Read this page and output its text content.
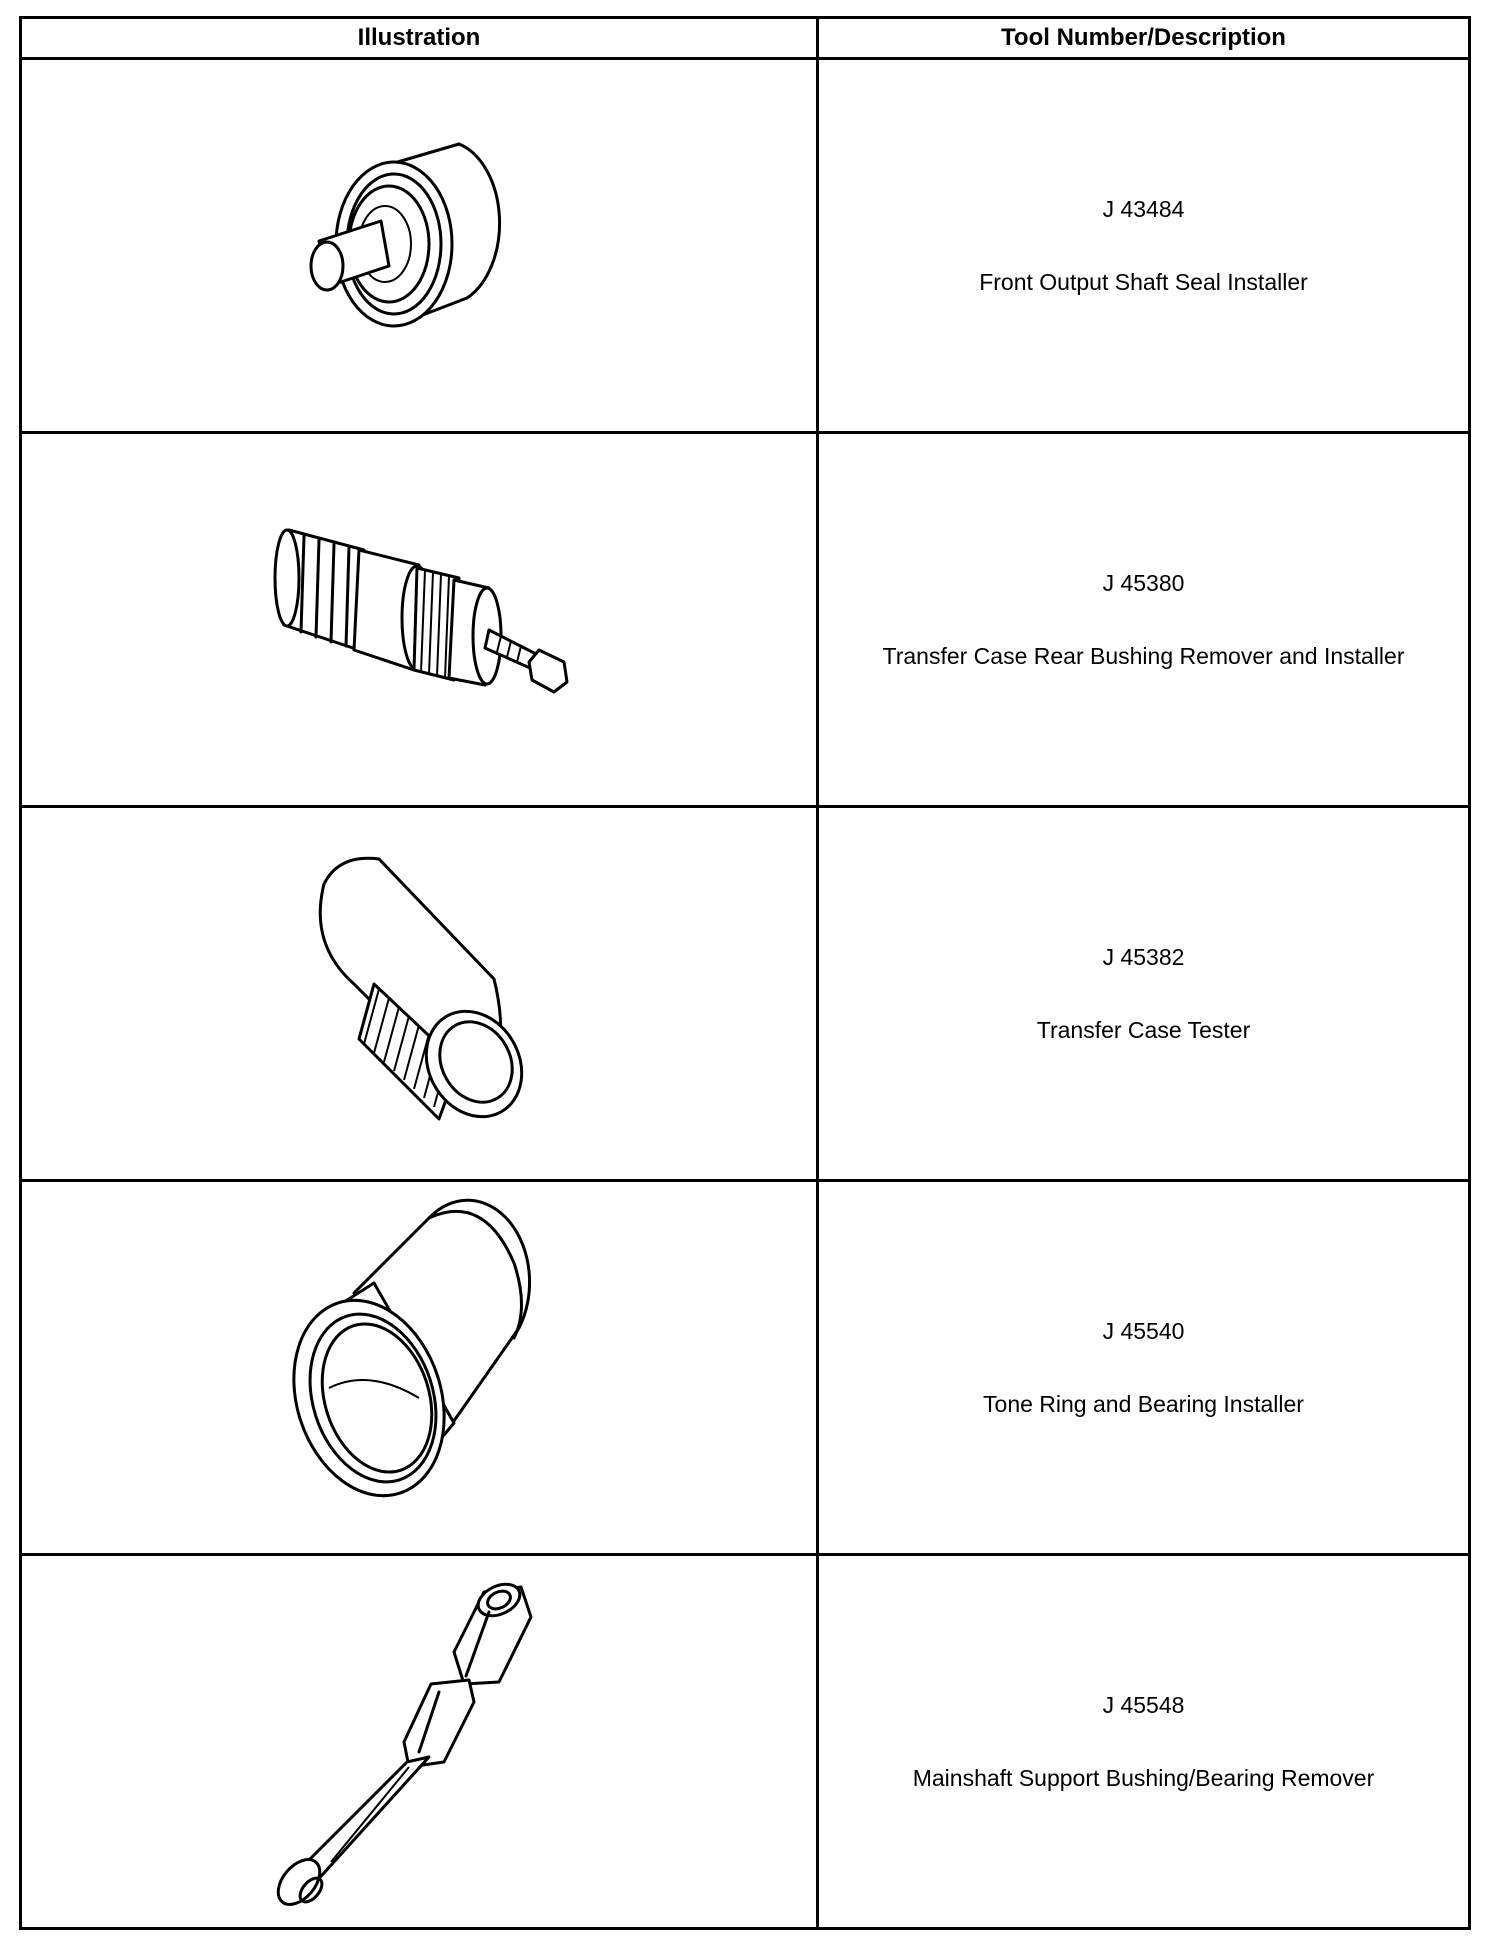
Illustration	Tool Number/Description

J 43484
Front Output Shaft Seal Installer

J 45380
Transfer Case Rear Bushing Remover and Installer

J 45382
Transfer Case Tester

J 45540
Tone Ring and Bearing Installer

J 45548
Mainshaft Support Bushing/Bearing Remover
